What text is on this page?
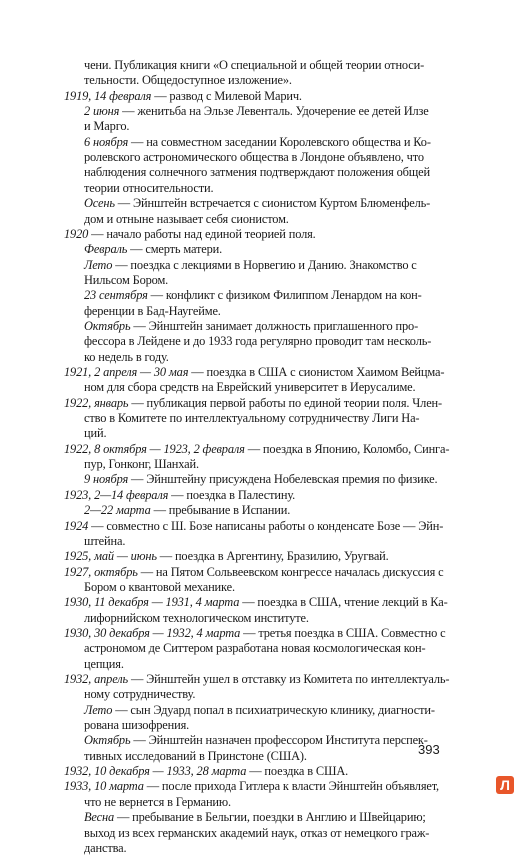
чени. Публикация книги «О специальной и общей теории относи-
тельности. Общедоступное изложение».
1919, 14 февраля — развод с Милевой Марич.
2 июня — женитьба на Эльзе Левенталь. Удочерение ее детей Илзе
и Марго.
6 ноября — на совместном заседании Королевского общества и Ко-
ролевского астрономического общества в Лондоне объявлено, что
наблюдения солнечного затмения подтверждают положения общей
теории относительности.
Осень — Эйнштейн встречается с сионистом Куртом Блюменфель-
дом и отныне называет себя сионистом.
1920 — начало работы над единой теорией поля.
Февраль — смерть матери.
Лето — поездка с лекциями в Норвегию и Данию. Знакомство с
Нильсом Бором.
23 сентября — конфликт с физиком Филиппом Ленардом на кон-
ференции в Бад-Наугейме.
Октябрь — Эйнштейн занимает должность приглашенного про-
фессора в Лейдене и до 1933 года регулярно проводит там несколь-
ко недель в году.
1921, 2 апреля — 30 мая — поездка в США с сионистом Хаимом Вейцма-
ном для сбора средств на Еврейский университет в Иерусалиме.
1922, январь — публикация первой работы по единой теории поля. Член-
ство в Комитете по интеллектуальному сотрудничеству Лиги На-
ций.
1922, 8 октября — 1923, 2 февраля — поездка в Японию, Коломбо, Синга-
пур, Гонконг, Шанхай.
9 ноября — Эйнштейну присуждена Нобелевская премия по физике.
1923, 2—14 февраля — поездка в Палестину.
2—22 марта — пребывание в Испании.
1924 — совместно с Ш. Бозе написаны работы о конденсате Бозе — Эйн-
штейна.
1925, май — июнь — поездка в Аргентину, Бразилию, Уругвай.
1927, октябрь — на Пятом Сольвеевском конгрессе началась дискуссия с
Бором о квантовой механике.
1930, 11 декабря — 1931, 4 марта — поездка в США, чтение лекций в Ка-
лифорнийском технологическом институте.
1930, 30 декабря — 1932, 4 марта — третья поездка в США. Совместно с
астрономом де Ситтером разработана новая космологическая кон-
цепция.
1932, апрель — Эйнштейн ушел в отставку из Комитета по интеллектуаль-
ному сотрудничеству.
Лето — сын Эдуард попал в психиатрическую клинику, диагности-
рована шизофрения.
Октябрь — Эйнштейн назначен профессором Института перспек-
тивных исследований в Принстоне (США).
1932, 10 декабря — 1933, 28 марта — поездка в США.
1933, 10 марта — после прихода Гитлера к власти Эйнштейн объявляет,
что не вернется в Германию.
Весна — пребывание в Бельгии, поездки в Англию и Швейцарию;
выход из всех германских академий наук, отказ от немецкого граж-
данства.
393
Л
